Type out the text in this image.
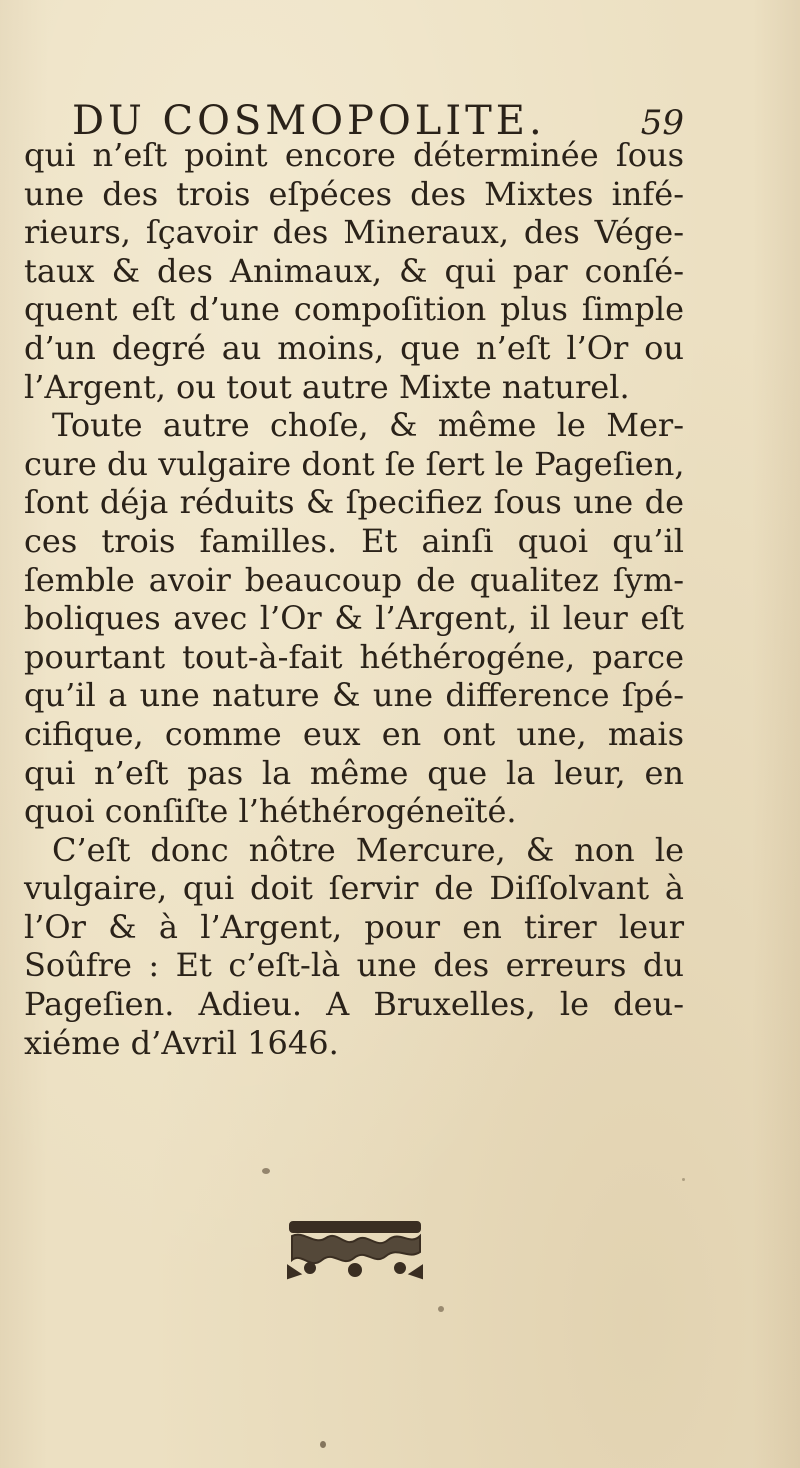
DU COSMOPOLITE.	59
qui n’eſt point encore déterminée ſous
une des trois eſpéces des Mixtes infé-
rieurs, ſçavoir des Mineraux, des Vége-
taux & des Animaux, & qui par conſé-
quent eſt d’une compoſition plus ſimple
d’un degré au moins, que n’eſt l’Or ou
l’Argent, ou tout autre Mixte naturel.
Toute autre choſe, & même le Mer-
cure du vulgaire dont ſe ſert le Pageſien,
ſont déja réduits & ſpecifiez ſous une de
ces trois familles. Et ainſi quoi qu’il
ſemble avoir beaucoup de qualitez ſym-
boliques avec l’Or & l’Argent, il leur eſt
pourtant tout-à-fait héthérogéne, parce
qu’il a une nature & une difference ſpé-
cifique, comme eux en ont une, mais
qui n’eſt pas la même que la leur, en
quoi conſiſte l’héthérogéneïté.
C’eſt donc nôtre Mercure, & non le
vulgaire, qui doit ſervir de Diſſolvant à
l’Or & à l’Argent, pour en tirer leur
Soûfre : Et c’eſt-là une des erreurs du
Pageſien. Adieu. A Bruxelles, le deu-
xiéme d’Avril 1646.
